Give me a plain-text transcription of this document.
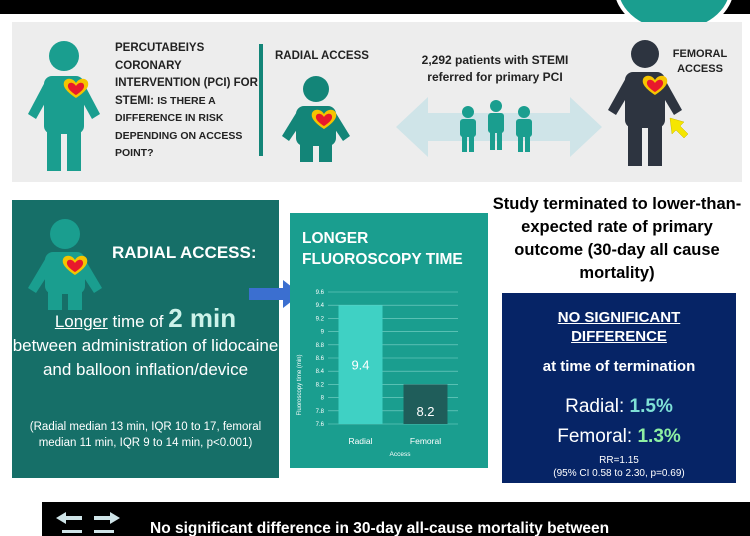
PERCUTABEIYS CORONARY INTERVENTION (PCI) FOR STEMI: IS THERE A DIFFERENCE IN RISK DEPENDING ON ACCESS POINT?
RADIAL ACCESS	2,292 patients with STEMI referred for primary PCI
FEMORAL ACCESS
RADIAL ACCESS:
Longer time of 2 min
between administration of lidocaine and balloon inflation/device
(Radial median 13 min, IQR 10 to 17, femoral median 11 min, IQR 9 to 14 min, p<0.001)
LONGER
FLUOROSCOPY TIME
9.4
8.2
7.6
7.8
8
8.2
8.4
8.6
8.8
9
9.2
9.4
9.6
Radial	Femoral
Fluoroscopy time (min)
Access
Study terminated to lower-than-expected rate of primary outcome (30-day all cause mortality)
NO SIGNIFICANT
DIFFERENCE
at time of termination
Radial: 1.5%
Femoral: 1.3%
RR=1.15
(95% CI 0.58 to 2.30, p=0.69)
No significant difference in 30-day all-cause mortality between
